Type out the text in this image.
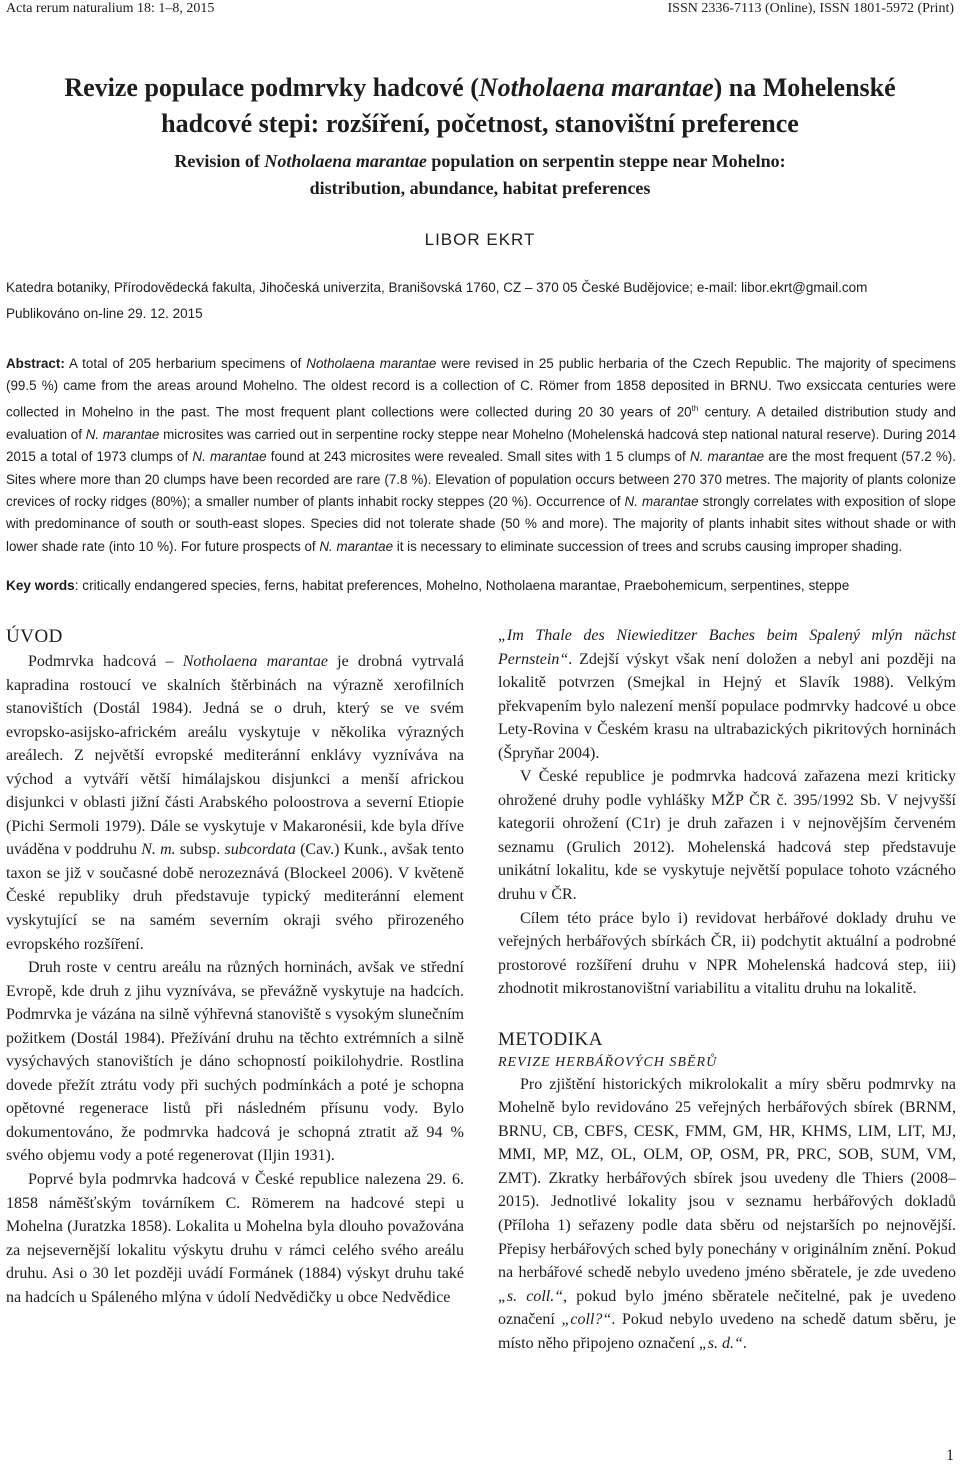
Acta rerum naturalium 18: 1–8, 2015	ISSN 2336-7113 (Online), ISSN 1801-5972 (Print)
Revize populace podmrvky hadcové (Notholaena marantae) na Mohelenské
hadcové stepi: rozšíření, početnost, stanovištní preference
Revision of Notholaena marantae population on serpentin steppe near Mohelno:
distribution, abundance, habitat preferences
LIBOR EKRT
Katedra botaniky, Přírodovědecká fakulta, Jihočeská univerzita, Branišovská 1760, CZ – 370 05 České Budějovice; e-mail: libor.ekrt@gmail.com
Publikováno on-line 29. 12. 2015
Abstract: A total of 205 herbarium specimens of Notholaena marantae were revised in 25 public herbaria of the Czech Republic. The majority of specimens (99.5 %) came from the areas around Mohelno. The oldest record is a collection of C. Römer from 1858 deposited in BRNU. Two exsiccata centuries were collected in Mohelno in the past. The most frequent plant collections were collected during 20 30 years of 20th century. A detailed distribution study and evaluation of N. marantae microsites was carried out in serpentine rocky steppe near Mohelno (Mohelenská hadcová step national natural reserve). During 2014 2015 a total of 1973 clumps of N. marantae found at 243 microsites were revealed. Small sites with 1 5 clumps of N. marantae are the most frequent (57.2 %). Sites where more than 20 clumps have been recorded are rare (7.8 %). Elevation of population occurs between 270 370 metres. The majority of plants colonize crevices of rocky ridges (80%); a smaller number of plants inhabit rocky steppes (20 %). Occurrence of N. marantae strongly correlates with exposition of slope with predominance of south or south-east slopes. Species did not tolerate shade (50 % and more). The majority of plants inhabit sites without shade or with lower shade rate (into 10 %). For future prospects of N. marantae it is necessary to eliminate succession of trees and scrubs causing improper shading.
Key words: critically endangered species, ferns, habitat preferences, Mohelno, Notholaena marantae, Praebohemicum, serpentines, steppe
ÚVOD

Podmrvka hadcová – Notholaena marantae je drobná vytrvalá kapradina rostoucí ve skalních štěrbinách na výrazně xerofilních stanovištích (Dostál 1984). Jedná se o druh, který se ve svém evropsko-asijsko-africkém areálu vyskytuje v několika výrazných areálech. Z největší evropské mediteránní enklávy vyzníváva na východ a vytváří větší himálajskou disjunkci a menší africkou disjunkci v oblasti jižní části Arabského poloostrova a severní Etiopie (Pichi Sermoli 1979). Dále se vyskytuje v Makaronésii, kde byla dříve uváděna v poddruhu N. m. subsp. subcordata (Cav.) Kunk., avšak tento taxon se již v současné době nerozeznává (Blockeel 2006). V květeně České republiky druh představuje typický mediteránní element vyskytující se na samém severním okraji svého přirozeného evropského rozšíření.

Druh roste v centru areálu na různých horninách, avšak ve střední Evropě, kde druh z jihu vyzníváva, se převážně vyskytuje na hadcích. Podmrvka je vázána na silně výhřevná stanoviště s vysokým slunečním požitkem (Dostál 1984). Přežívání druhu na těchto extrémních a silně vysýchavých stanovištích je dáno schopností poikilohydrie. Rostlina dovede přežít ztrátu vody při suchých podmínkách a poté je schopna opětovné regenerace listů při následném přísunu vody. Bylo dokumentováno, že podmrvka hadcová je schopná ztratit až 94 % svého objemu vody a poté regenerovat (Iljin 1931).

Poprvé byla podmrvka hadcová v České republice nalezena 29. 6. 1858 náměšťským továrníkem C. Römerem na hadcové stepi u Mohelna (Juratzka 1858). Lokalita u Mohelna byla dlouho považována za nejsevernější lokalitu výskytu druhu v rámci celého svého areálu druhu. Asi o 30 let později uvádí Formánek (1884) výskyt druhu také na hadcích u Spáleného mlýna v údolí Nedvědičky u obce Nedvědice

„Im Thale des Niewieditzer Baches beim Spalený mlýn nächst Pernstein“. Zdejší výskyt však není doložen a nebyl ani později na lokalitě potvrzen (Smejkal in Hejný et Slavík 1988). Velkým překvapením bylo nalezení menší populace podmrvky hadcové u obce Lety-Rovina v Českém krasu na ultrabazických pikritových horninách (Špryňar 2004).

V České republice je podmrvka hadcová zařazena mezi kriticky ohrožené druhy podle vyhlášky MŽP ČR č. 395/1992 Sb. V nejvyšší kategorii ohrožení (C1r) je druh zařazen i v nejnovějším červeném seznamu (Grulich 2012). Mohelenská hadcová step představuje unikátní lokalitu, kde se vyskytuje největší populace tohoto vzácného druhu v ČR.

Cílem této práce bylo i) revidovat herbářové doklady druhu ve veřejných herbářových sbírkách ČR, ii) podchytit aktuální a podrobné prostorové rozšíření druhu v NPR Mohelenská hadcová step, iii) zhodnotit mikrostanovištní variabilitu a vitalitu druhu na lokalitě.

METODIKA
REVIZE HERBÁŘOVÝCH SBĚRŮ

Pro zjištění historických mikrolokalit a míry sběru podmrvky na Mohelně bylo revidováno 25 veřejných herbářových sbírek (BRNM, BRNU, CB, CBFS, CESK, FMM, GM, HR, KHMS, LIM, LIT, MJ, MMI, MP, MZ, OL, OLM, OP, OSM, PR, PRC, SOB, SUM, VM, ZMT). Zkratky herbářových sbírek jsou uvedeny dle Thiers (2008–2015). Jednotlivé lokality jsou v seznamu herbářových dokladů (Příloha 1) seřazeny podle data sběru od nejstarších po nejnovější. Přepisy herbářových sched byly ponechány v originálním znění. Pokud na herbářové schedě nebylo uvedeno jméno sběratele, je zde uvedeno „s. coll.“, pokud bylo jméno sběratele nečitelné, pak je uvedeno označení „coll?“. Pokud nebylo uvedeno na schedě datum sběru, je místo něho připojeno označení „s. d.“.

1
